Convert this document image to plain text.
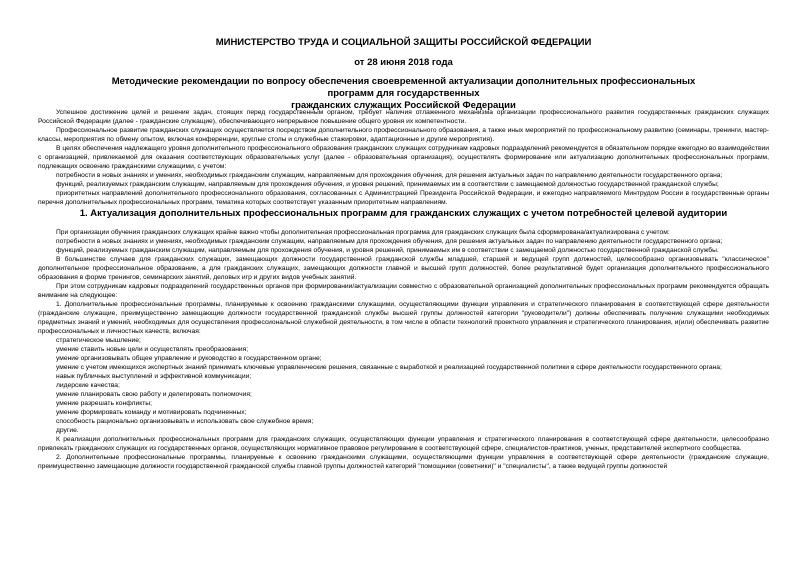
МИНИСТЕРСТВО ТРУДА И СОЦИАЛЬНОЙ ЗАЩИТЫ РОССИЙСКОЙ ФЕДЕРАЦИИ
от 28 июня 2018 года
Методические рекомендации по вопросу обеспечения своевременной актуализации дополнительных профессиональных программ для государственных
гражданских служащих Российской Федерации

Успешное достижение целей и решение задач, стоящих перед государственным органом, требует наличия отлаженного механизма организации профессионального развития государственных гражданских служащих Российской Федерации (далее - гражданские служащие), обеспечивающего непрерывное повышение общего уровня их компетентности.

Профессиональное развитие гражданских служащих осуществляется посредством дополнительного профессионального образования, а также иных мероприятий по профессиональному развитию (семинары, тренинги, мастер-классы, мероприятия по обмену опытом, включая конференции, круглые столы и служебные стажировки, адаптационные и другие мероприятия).

В целях обеспечения надлежащего уровня дополнительного профессионального образования гражданских служащих сотрудникам кадровых подразделений рекомендуется в обязательном порядке ежегодно во взаимодействии с организацией, привлекаемой для оказания соответствующих образовательных услуг (далее - образовательная организация), осуществлять формирование или актуализацию дополнительных профессиональных программ, подлежащих освоению гражданскими служащими, с учетом:

потребности в новых знаниях и умениях, необходимых гражданским служащим, направляемым для прохождения обучения, для решения актуальных задач по направлению деятельности государственного органа;

функций, реализуемых гражданским служащим, направляемым для прохождения обучения, и уровня решений, принимаемых им в соответствии с замещаемой должностью государственной гражданской службы;

приоритетных направлений дополнительного профессионального образования, согласованных с Администрацией Президента Российской Федерации, и ежегодно направляемого Минтрудом России в государственные органы перечня дополнительных профессиональных программ, тематика которых соответствует указанным приоритетным направлениям.

1. Актуализация дополнительных профессиональных программ для гражданских служащих с учетом потребностей целевой аудитории

При организации обучения гражданских служащих крайне важно чтобы дополнительная профессиональная программа для гражданских служащих была сформирована/актуализирована с учетом:

потребности в новых знаниях и умениях, необходимых гражданским служащим, направляемым для прохождения обучения, для решения актуальных задач по направлению деятельности государственного органа;

функций, реализуемых гражданским служащим, направляемым для прохождения обучения, и уровня решений, принимаемых им в соответствии с замещаемой должностью государственной гражданской службы.

В большинстве случаев для гражданских служащих, замещающих должности государственной гражданской службы младшей, старшей и ведущей групп должностей, целесообразно организовывать "классическое" дополнительное профессиональное образование, а для гражданских служащих, замещающих должности главной и высшей групп должностей, более результативной будет организация дополнительного профессионального образования в форме тренингов, семинарских занятий, деловых игр и других видов учебных занятий.

При этом сотрудникам кадровых подразделений государственных органов при формировании/актуализации совместно с образовательной организацией дополнительных профессиональных программ рекомендуется обращать внимание на следующее:

1. Дополнительные профессиональные программы, планируемые к освоению гражданскими служащими, осуществляющими функции управления и стратегического планирования в соответствующей сфере деятельности (гражданские служащие, преимущественно замещающие должности государственной гражданской службы высшей группы должностей категории "руководители") должны обеспечивать получение служащими необходимых предметных знаний и умений, необходимых для осуществления профессиональной служебной деятельности, в том числе в области технологий проектного управления и стратегического планирования, и(или) обеспечивать развитие профессиональных и личностных качеств, включая:

стратегическое мышление;

умение ставить новые цели и осуществлять преобразования;

умение организовывать общее управление и руководство в государственном органе;

умение с учетом имеющихся экспертных знаний принимать ключевые управленческие решения, связанные с выработкой и реализацией государственной политики в сфере деятельности государственного органа;

навык публичных выступлений и эффективной коммуникации;

лидерские качества;

умение планировать свою работу и делегировать полномочия;

умение разрешать конфликты;

умение формировать команду и мотивировать подчиненных;

способность рационально организовывать и использовать свое служебное время;

другие.

К реализации дополнительных профессиональных программ для гражданских служащих, осуществляющих функции управления и стратегического планирования в соответствующей сфере деятельности, целесообразно привлекать гражданских служащих из государственных органов, осуществляющих нормативное правовое регулирование в соответствующей сфере, специалистов-практиков, ученых, представителей экспертного сообщества.

2. Дополнительные профессиональные программы, планируемые к освоению гражданскими служащими, осуществляющими функции управления в соответствующей сфере деятельности (гражданские служащие, преимущественно замещающие должности государственной гражданской службы главной группы должностей категорий "помощники (советники)" и "специалисты", а также ведущей группы должностей
